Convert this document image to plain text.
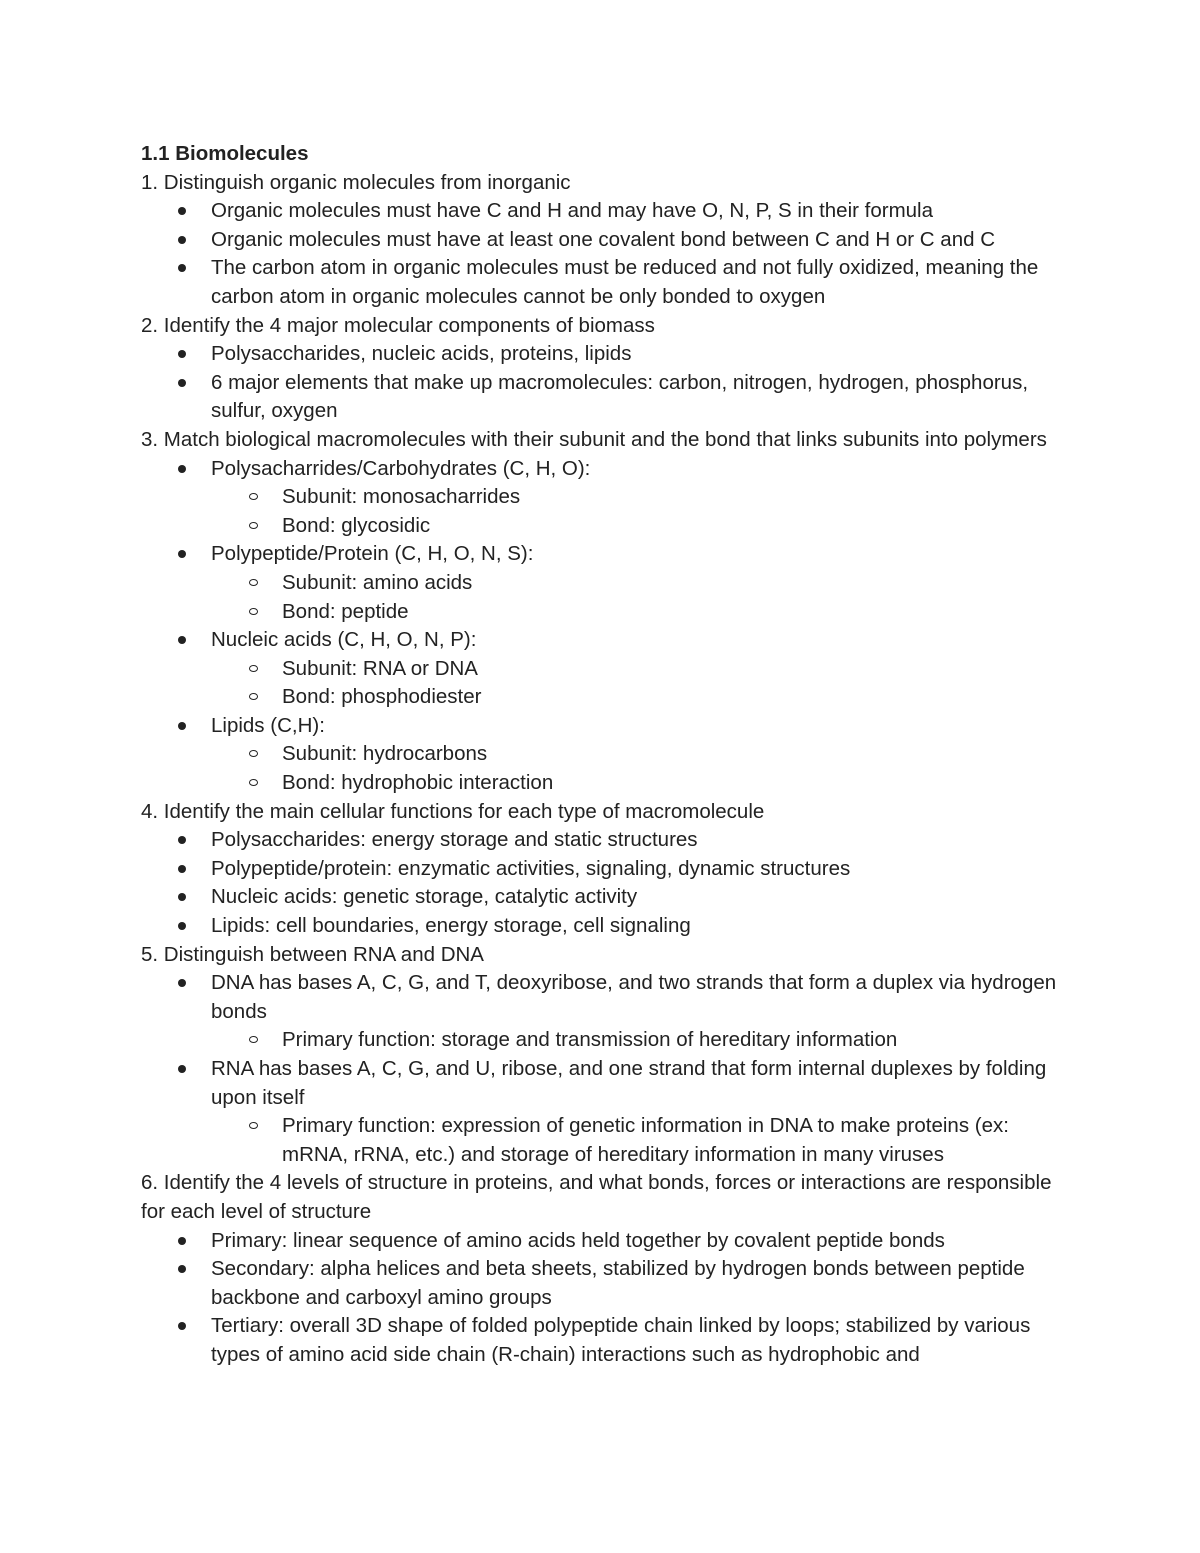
1.1 Biomolecules

1. Distinguish organic molecules from inorganic

Organic molecules must have C and H and may have O, N, P, S in their formula
Organic molecules must have at least one covalent bond between C and H or C and C
The carbon atom in organic molecules must be reduced and not fully oxidized, meaning the carbon atom in organic molecules cannot be only bonded to oxygen

2. Identify the 4 major molecular components of biomass

Polysaccharides, nucleic acids, proteins, lipids
6 major elements that make up macromolecules: carbon, nitrogen, hydrogen, phosphorus, sulfur, oxygen

3. Match biological macromolecules with their subunit and the bond that links subunits into polymers

Polysacharrides/Carbohydrates (C, H, O):
Subunit: monosacharrides
Bond: glycosidic
Polypeptide/Protein (C, H, O, N, S):
Subunit: amino acids
Bond: peptide
Nucleic acids (C, H, O, N, P):
Subunit: RNA or DNA
Bond: phosphodiester
Lipids (C,H):
Subunit: hydrocarbons
Bond: hydrophobic interaction

4. Identify the main cellular functions for each type of macromolecule

Polysaccharides: energy storage and static structures
Polypeptide/protein: enzymatic activities, signaling, dynamic structures
Nucleic acids: genetic storage, catalytic activity
Lipids: cell boundaries, energy storage, cell signaling

5. Distinguish between RNA and DNA

DNA has bases A, C, G, and T, deoxyribose, and two strands that form a duplex via hydrogen bonds
Primary function: storage and transmission of hereditary information
RNA has bases A, C, G, and U, ribose, and one strand that form internal duplexes by folding upon itself
Primary function: expression of genetic information in DNA to make proteins (ex: mRNA, rRNA, etc.) and storage of hereditary information in many viruses

6. Identify the 4 levels of structure in proteins, and what bonds, forces or interactions are responsible for each level of structure

Primary: linear sequence of amino acids held together by covalent peptide bonds
Secondary: alpha helices and beta sheets, stabilized by hydrogen bonds between peptide backbone and carboxyl amino groups
Tertiary: overall 3D shape of folded polypeptide chain linked by loops; stabilized by various types of amino acid side chain (R-chain) interactions such as hydrophobic and
